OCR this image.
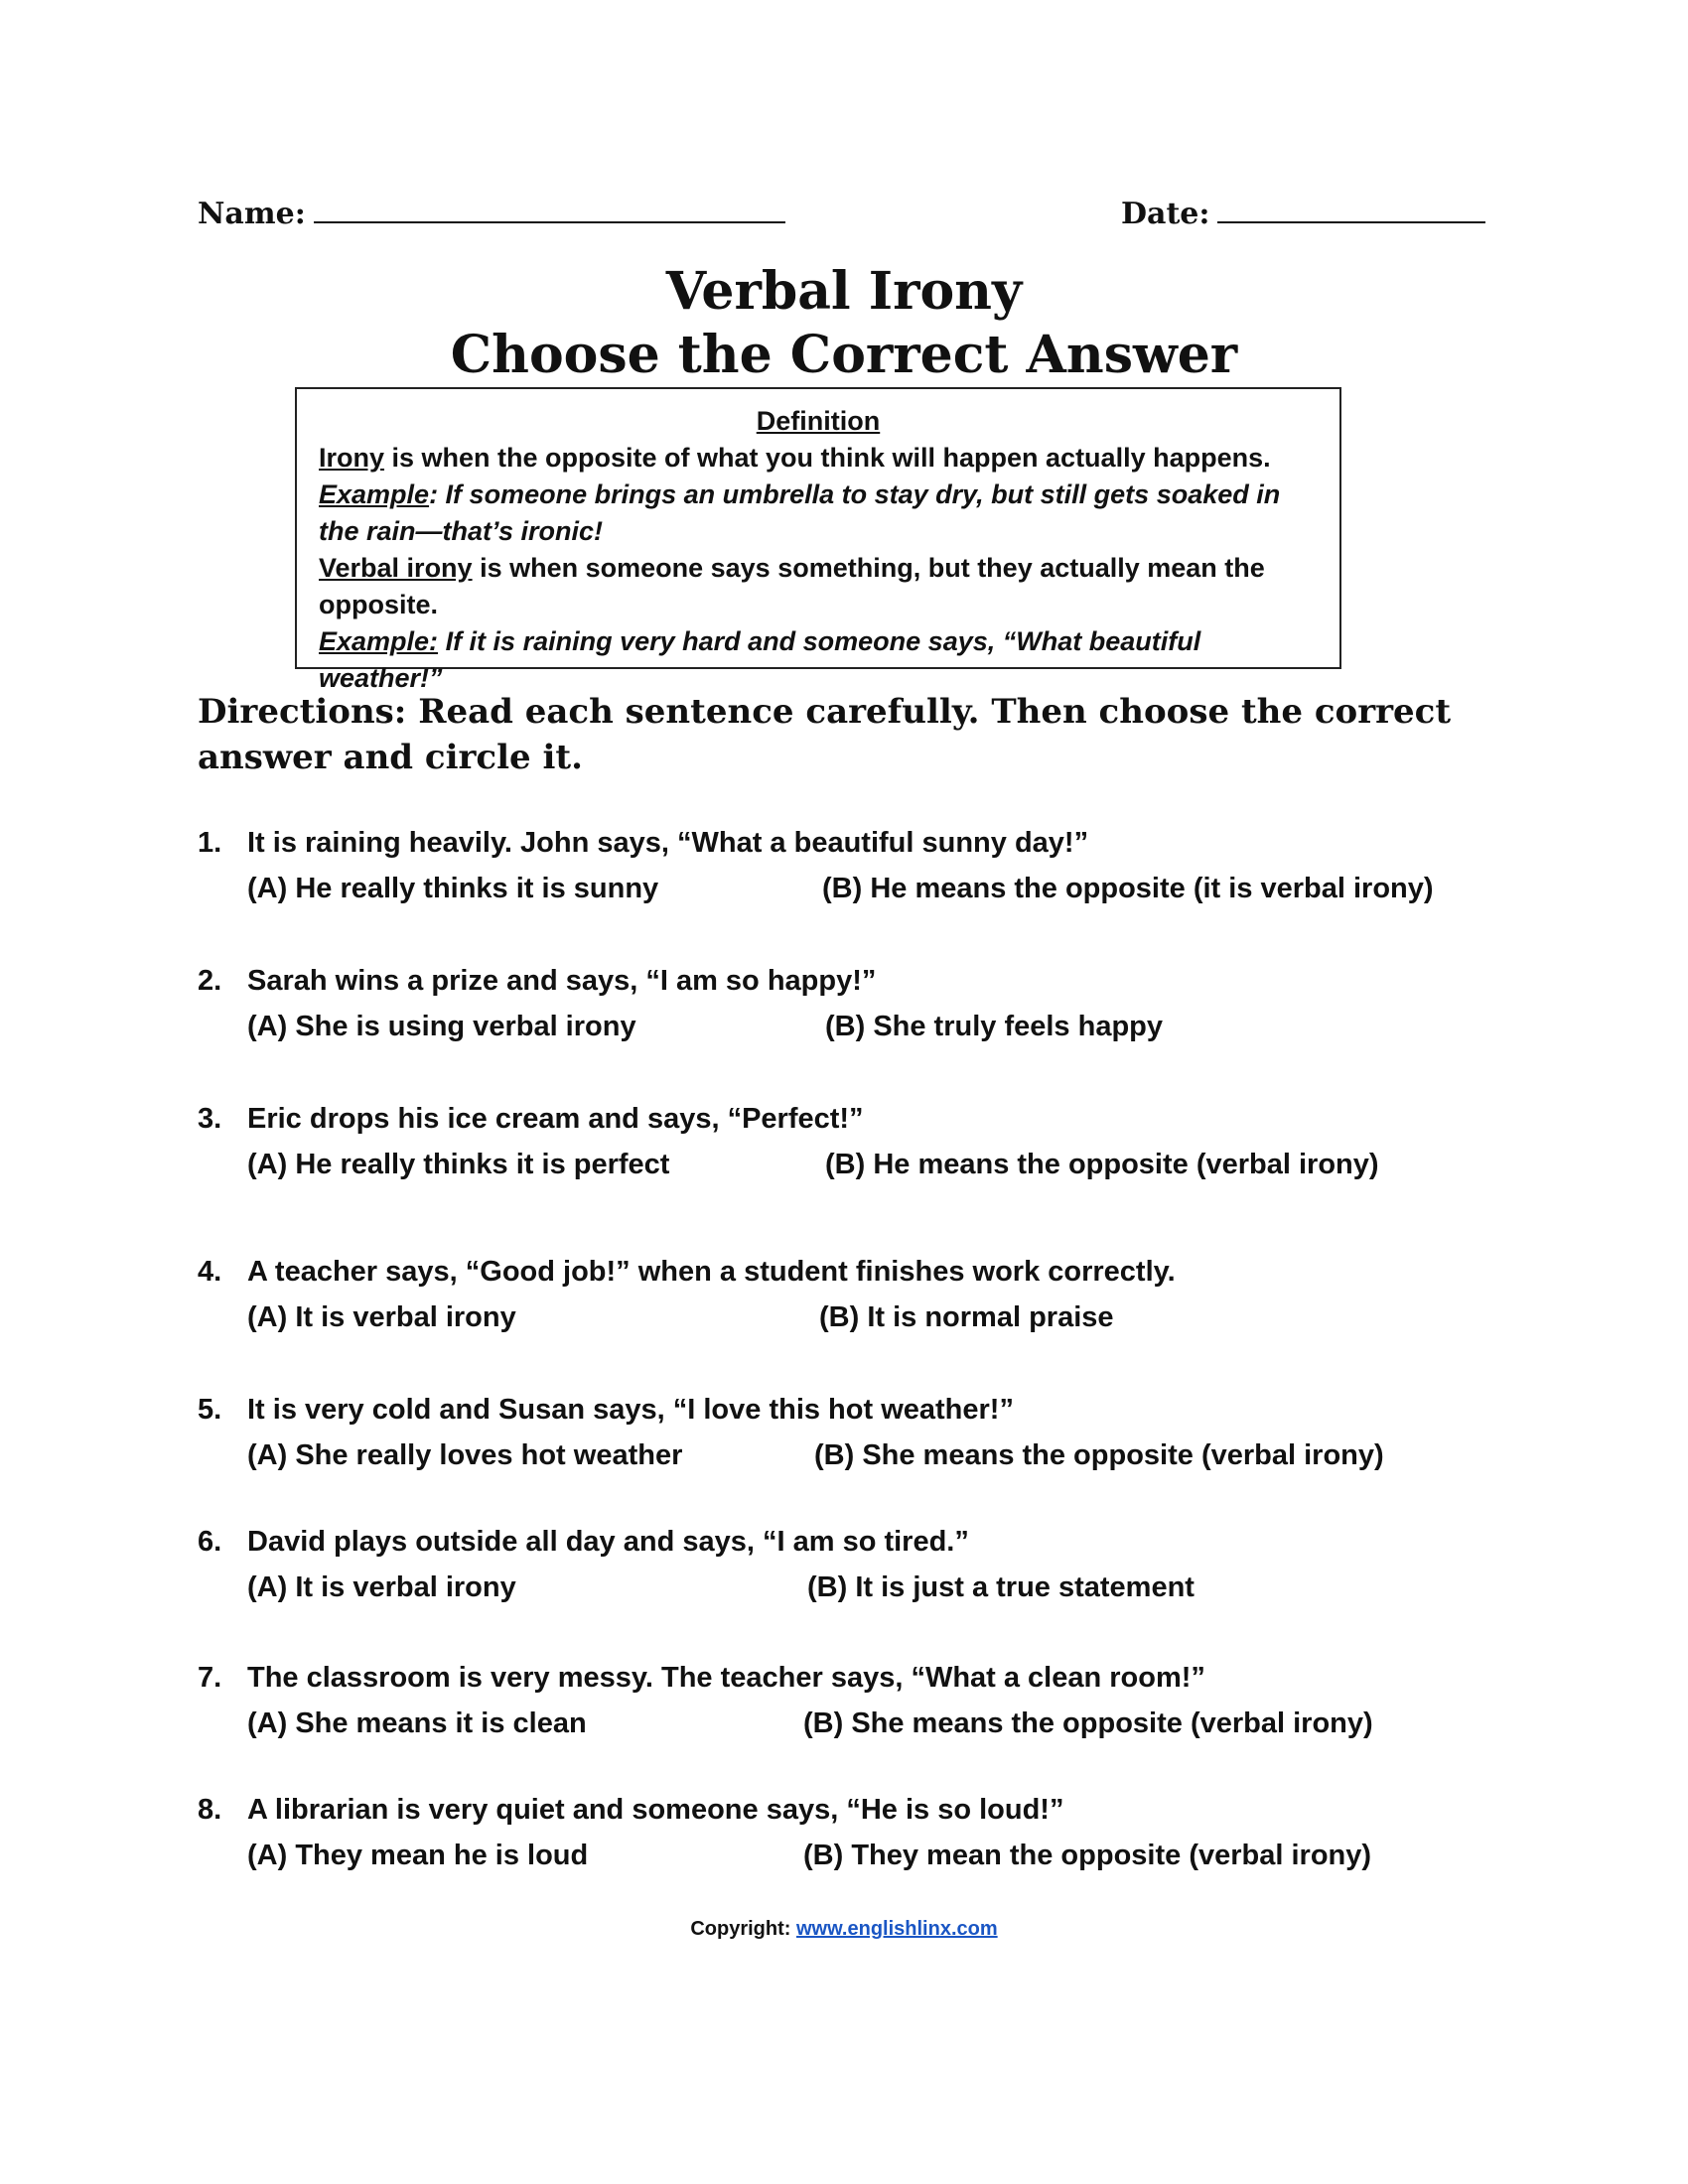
Name:	Date:
Verbal Irony
Choose the Correct Answer

Definition

Irony is when the opposite of what you think will happen actually happens.

Example: If someone brings an umbrella to stay dry, but still gets soaked in the rain—that’s ironic!

Verbal irony is when someone says something, but they actually mean the opposite.

Example: If it is raining very hard and someone says, “What beautiful weather!”

Directions: Read each sentence carefully. Then choose the correct answer and circle it.

1. It is raining heavily. John says, “What a beautiful sunny day!”
(A) He really thinks it is sunny	(B) He means the opposite (it is verbal irony)
2. Sarah wins a prize and says, “I am so happy!”
(A) She is using verbal irony	(B) She truly feels happy
3. Eric drops his ice cream and says, “Perfect!”
(A) He really thinks it is perfect	(B) He means the opposite (verbal irony)
4. A teacher says, “Good job!” when a student finishes work correctly.
(A) It is verbal irony	(B) It is normal praise
5. It is very cold and Susan says, “I love this hot weather!”
(A) She really loves hot weather	(B) She means the opposite (verbal irony)
6. David plays outside all day and says, “I am so tired.”
(A) It is verbal irony	(B) It is just a true statement
7. The classroom is very messy. The teacher says, “What a clean room!”
(A) She means it is clean	(B) She means the opposite (verbal irony)
8. A librarian is very quiet and someone says, “He is so loud!”
(A) They mean he is loud	(B) They mean the opposite (verbal irony)
Copyright: www.englishlinx.com
